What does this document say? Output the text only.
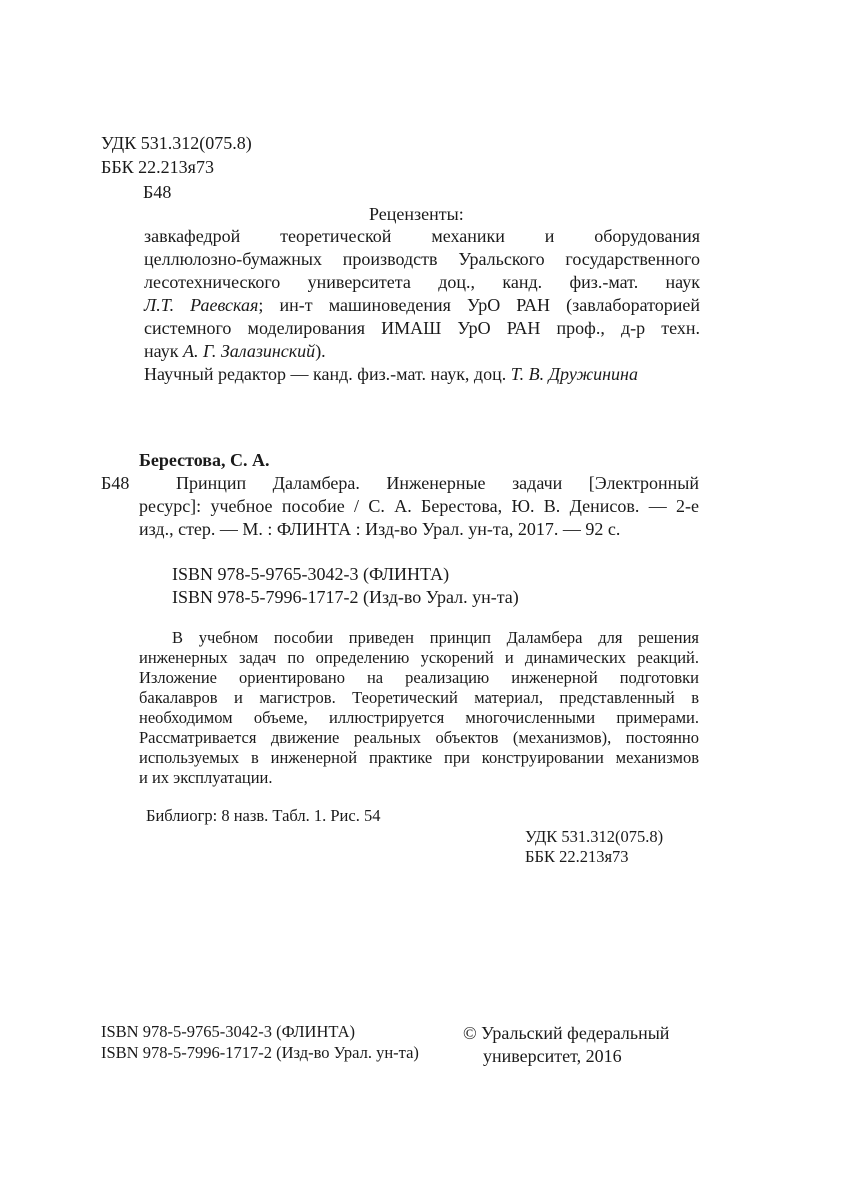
УДК 531.312(075.8)
ББК 22.213я73
Б48
Рецензенты:
завкафедрой теоретической механики и оборудования
целлюлозно-бумажных производств Уральского государственного
лесотехнического университета доц., канд. физ.-мат. наук
Л.Т. Раевская; ин-т машиноведения УрО РАН (завлабораторией
системного моделирования ИМАШ УрО РАН проф., д-р техн.
наук А. Г. Залазинский).
Научный редактор — канд. физ.-мат. наук, доц. Т. В. Дружинина
Берестова, С. А.
Б48	Принцип Даламбера. Инженерные задачи [Электронный
ресурс]: учебное пособие / С. А. Берестова, Ю. В. Денисов. — 2-е
изд., стер. — М. : ФЛИНТА : Изд-во Урал. ун-та, 2017. — 92 с.
ISBN 978-5-9765-3042-3 (ФЛИНТА)
ISBN 978-5-7996-1717-2 (Изд-во Урал. ун-та)
В учебном пособии приведен принцип Даламбера для решения
инженерных задач по определению ускорений и динамических реакций.
Изложение ориентировано на реализацию инженерной подготовки
бакалавров и магистров. Теоретический материал, представленный в
необходимом объеме, иллюстрируется многочисленными примерами.
Рассматривается движение реальных объектов (механизмов), постоянно
используемых в инженерной практике при конструировании механизмов
и их эксплуатации.
Библиогр: 8 назв. Табл. 1. Рис. 54
УДК 531.312(075.8)
ББК 22.213я73
ISBN 978-5-9765-3042-3 (ФЛИНТА)
ISBN 978-5-7996-1717-2 (Изд-во Урал. ун-та)
© Уральский федеральный
университет, 2016
